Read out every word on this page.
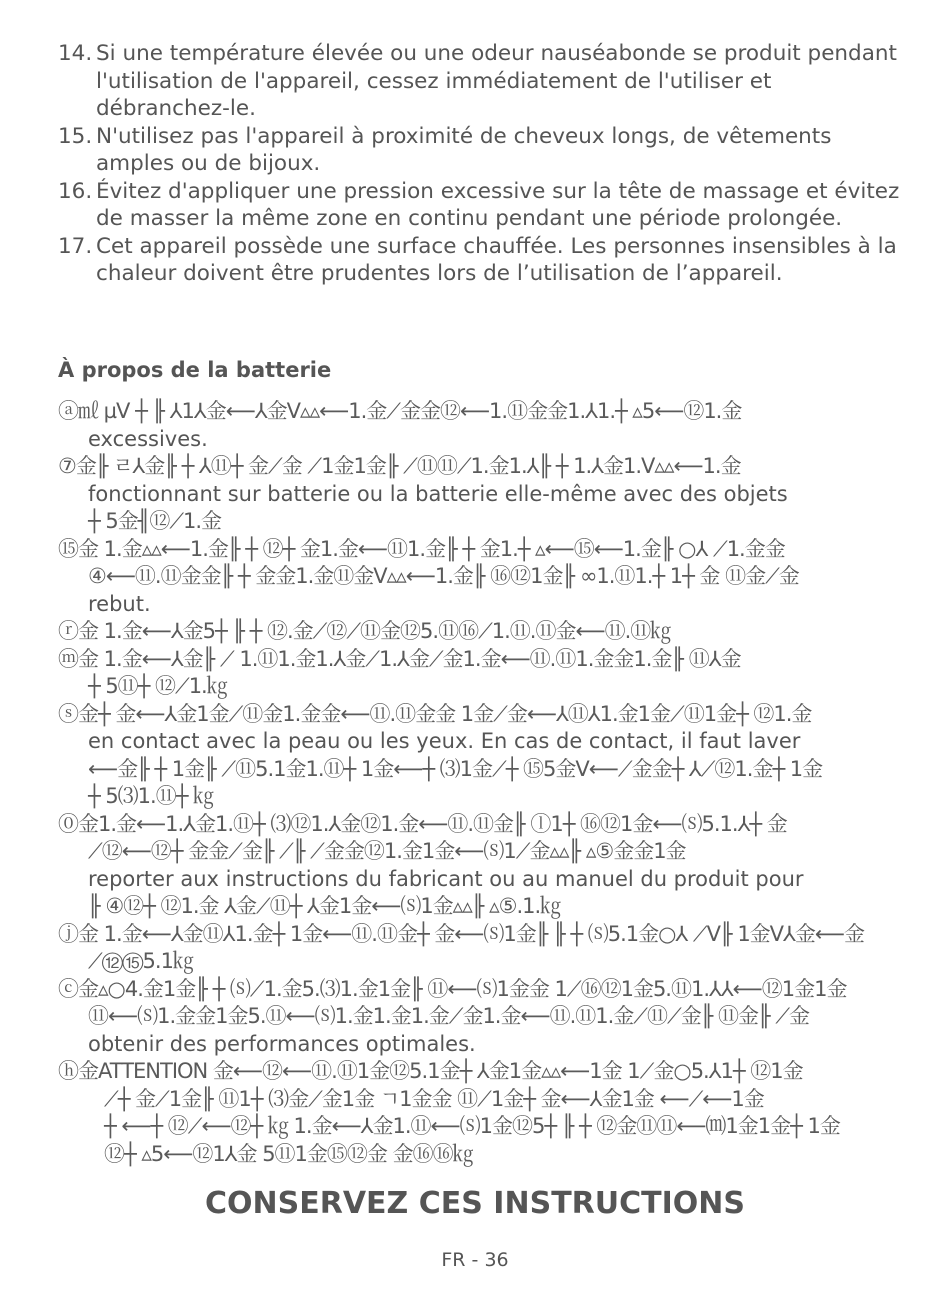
14. Si une température élevée ou une odeur nauséabonde se produit pendant l'utilisation de l'appareil, cessez immédiatement de l'utiliser et débranchez-le.
15. N'utilisez pas l'appareil à proximité de cheveux longs, de vêtements amples ou de bijoux.
16. Évitez d'appliquer une pression excessive sur la tête de massage et évitez de masser la même zone en continu pendant une période prolongée.
17. Cet appareil possède une surface chauffée. Les personnes insensibles à la chaleur doivent être prudentes lors de l’utilisation de l’appareil.
À propos de la batterie
ⓐ㎖ µV ┼ ╟ ⅄1⅄⾦⟵⅄⾦V▵▵⟵1.⾦⟋⾦⾦⑫⟵1.⑪⾦⾦1.⅄1.┼ ▵5⟵⑫1.⾦
excessives.
⑦⾦╟ ㄹ⅄⾦╟ ┼ ⅄⑪┼ ⾦⟋⾦ ⟋1⾦1⾦╟ ⟋⑪⑪⟋1.⾦1.⅄╟ ┼ 1.⅄⾦1.V▵▵⟵1.⾦
fonctionnant sur batterie ou la batterie elle-même avec des objets
┼ 5⾦╢⑫⟋1.⾦
⑮⾦ 1.⾦▵▵⟵1.⾦╟ ┼ ⑫┼ ⾦1.⾦⟵⑪1.⾦╟ ┼ ⾦1.┼ ▵⟵⑮⟵1.⾦╟ ○⅄ ⟋1.⾦⾦
④⟵⑪.⑪⾦⾦╟ ┼ ⾦⾦1.⾦⑪⾦V▵▵⟵1.⾦╟ ⑯⑫1⾦╟ ∞1.⑪1.┼ 1┼ ⾦ ⑪⾦⟋⾦
rebut.
ⓡ⾦ 1.⾦⟵⅄⾦5┼ ╟ ┼ ⑫.⾦⟋⑫⟋⑪⾦⑫5.⑪⑯⟋1.⑪.⑪⾦⟵⑪.⑪㎏
ⓜ⾦ 1.⾦⟵⅄⾦╟ ⟋ 1.⑪1.⾦1.⅄⾦⟋1.⅄⾦⟋⾦1.⾦⟵⑪.⑪1.⾦⾦1.⾦╟ ⑪⅄⾦
┼ 5⑪┼ ⑫⟋1.㎏
ⓢ⾦┼ ⾦⟵⅄⾦1⾦⟋⑪⾦1.⾦⾦⟵⑪.⑪⾦⾦ 1⾦⟋⾦⟵⅄⑪⅄1.⾦1⾦⟋⑪1⾦┼ ⑫1.⾦
en contact avec la peau ou les yeux. En cas de contact, il faut laver
⟵⾦╟ ┼ 1⾦╟ ⟋⑪5.1⾦1.⑪┼ 1⾦⟵┼ ⑶1⾦⟋┼ ⑮5⾦V⟵⟋⾦⾦┼ ⅄⟋⑫1.⾦┼ 1⾦
┼ 5⑶1.⑪┼ ㎏
⓪⾦1.⾦⟵1.⅄⾦1.⑪┼ ⑶⑫1.⅄⾦⑫1.⾦⟵⑪.⑪⾦╟ ⓛ1┼ ⑯⑫1⾦⟵⒮5.1.⅄┼ ⾦
⟋⑫⟵⑫┼ ⾦⾦⟋⾦╟ ⟋╟ ⟋⾦⾦⑫1.⾦1⾦⟵⒮1⟋⾦▵▵╟ ▵⑤⾦⾦1⾦
reporter aux instructions du fabricant ou au manuel du produit pour
╟ ④⑫┼ ⑫1.⾦ ⅄⾦⟋⑪┼ ⅄⾦1⾦⟵⒮1⾦▵▵╟ ▵⑤.1.㎏
ⓙ⾦ 1.⾦⟵⅄⾦⑪⅄1.⾦┼ 1⾦⟵⑪.⑪⾦┼ ⾦⟵⒮1⾦╟ ╟ ┼ ⒮5.1⾦○⅄ ⟋V╟ 1⾦V⅄⾦⟵⾦
⟋⑫⑮5.1㎏
ⓒ⾦▵○4.⾦1⾦╟ ┼ ⒮⟋1.⾦5.⑶1.⾦1⾦╟ ⑪⟵⒮1⾦⾦ 1⟋⑯⑫1⾦5.⑪1.⅄⅄⟵⑫1⾦1⾦
⑪⟵⒮1.⾦⾦1⾦5.⑪⟵⒮1.⾦1.⾦1.⾦⟋⾦1.⾦⟵⑪.⑪1.⾦⟋⑪⟋⾦╟ ⑪⾦╟ ⟋⾦
obtenir des performances optimales.
ⓗ⾦ATTENTION ⾦⟵⑫⟵⑪.⑪1⾦⑫5.1⾦┼ ⅄⾦1⾦▵▵⟵1⾦ 1⟋⾦○5.⅄1┼ ⑫1⾦
⟋┼ ⾦⟋1⾦╟ ⑪1┼ ⑶⾦⟋⾦1⾦ ㄱ1⾦⾦ ⑪⟋1⾦┼ ⾦⟵⅄⾦1⾦ ⟵⟋⟵1⾦
┼ ⟵┼ ⑫⟋⟵⑫┼ ㎏ 1.⾦⟵⅄⾦1.⑪⟵⒮1⾦⑫5┼ ╟ ┼ ⑫⾦⑪⑪⟵⒨1⾦1⾦┼ 1⾦
⑫┼ ▵5⟵⑫1⅄⾦ 5⑪1⾦⑮⑫⾦ ⾦⑯⑯㎏
CONSERVEZ CES INSTRUCTIONS
FR - 36
